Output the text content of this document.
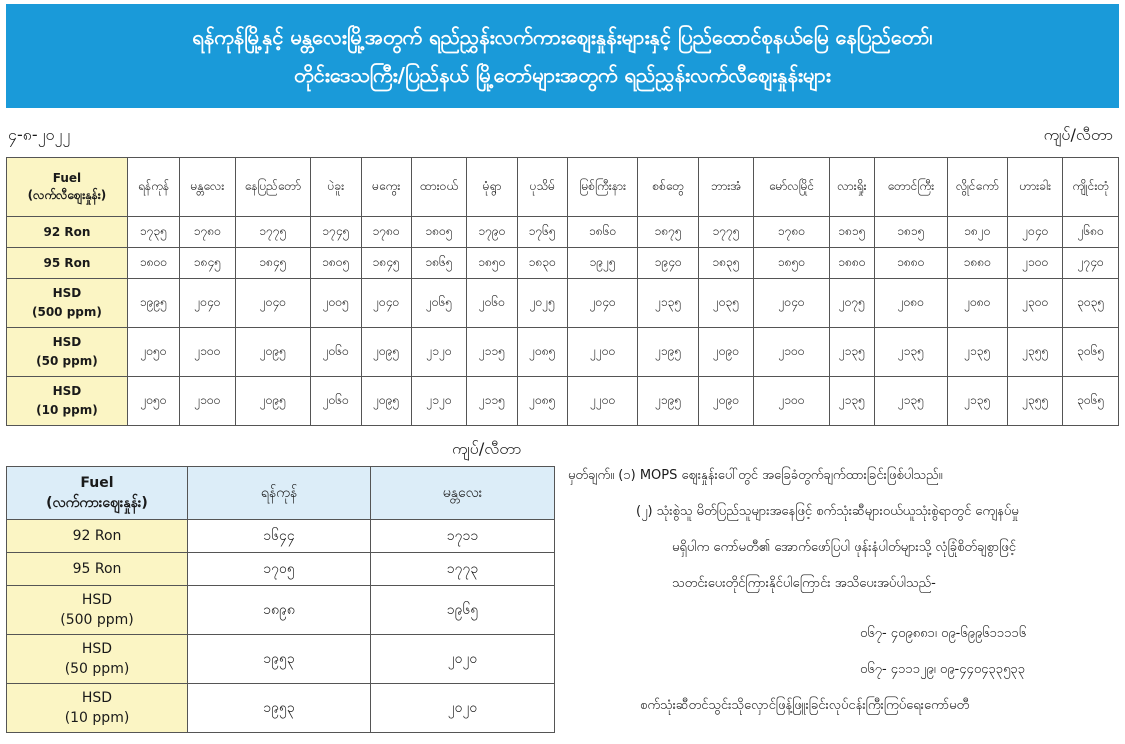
ရန်ကုန်မြို့နှင့် မန္တလေးမြို့အတွက် ရည်ညွှန်းလက်ကားဈေးနှုန်းများနှင့် ပြည်ထောင်စုနယ်မြေ နေပြည်တော်၊
တိုင်းဒေသကြီး/ပြည်နယ် မြို့တော်များအတွက် ရည်ညွှန်းလက်လီဈေးနှုန်းများ
၄-၈-၂၀၂၂	ကျပ်/လီတာ
Fuel
(လက်လီဈေးနှုန်း)	ရန်ကုန်	မန္တလေး	နေပြည်တော်	ပဲခူး	မကွေး	ထားဝယ်	မုံရွာ	ပုသိမ်	မြစ်ကြီးနား	စစ်တွေ	ဘားအံ	မော်လမြိုင်	လားရှိုး	တောင်ကြီး	လွိုင်ကော်	ဟားခါး	ကျိုင်းတုံ
92 Ron	၁၇၃၅	၁၇၈၀	၁၇၇၅	၁၇၄၅	၁၇၈၀	၁၈၀၅	၁၇၉၀	၁၇၆၅	၁၈၆၀	၁၈၇၅	၁၇၇၅	၁၇၈၀	၁၈၁၅	၁၈၁၅	၁၈၂၀	၂၀၄၀	၂၆၈၀
95 Ron	၁၈၀၀	၁၈၄၅	၁၈၄၅	၁၈၀၅	၁၈၄၅	၁၈၆၅	၁၈၅၀	၁၈၃၀	၁၉၂၅	၁၉၄၀	၁၈၃၅	၁၈၅၀	၁၈၈၀	၁၈၈၀	၁၈၈၀	၂၁၀၀	၂၇၄၀
HSD
(500 ppm)	၁၉၉၅	၂၀၄၀	၂၀၄၀	၂၀၀၅	၂၀၄၀	၂၀၆၅	၂၀၆၀	၂၀၂၅	၂၀၄၀	၂၁၃၅	၂၀၃၅	၂၀၄၀	၂၀၇၅	၂၀၈၀	၂၀၈၀	၂၃၀၀	၃၀၃၅
HSD
(50 ppm)	၂၀၅၀	၂၁၀၀	၂၀၉၅	၂၀၆၀	၂၀၉၅	၂၁၂၀	၂၁၁၅	၂၀၈၅	၂၂၀၀	၂၁၉၅	၂၀၉၀	၂၁၀၀	၂၁၃၅	၂၁၃၅	၂၁၃၅	၂၃၅၅	၃၀၆၅
HSD
(10 ppm)	၂၀၅၀	၂၁၀၀	၂၀၉၅	၂၀၆၀	၂၀၉၅	၂၁၂၀	၂၁၁၅	၂၀၈၅	၂၂၀၀	၂၁၉၅	၂၀၉၀	၂၁၀၀	၂၁၃၅	၂၁၃၅	၂၁၃၅	၂၃၅၅	၃၀၆၅
ကျပ်/လီတာ
Fuel
(လက်ကားဈေးနှုန်း)	ရန်ကုန်	မန္တလေး
92 Ron	၁၆၄၄	၁၇၁၁
95 Ron	၁၇၀၅	၁၇၇၃
HSD
(500 ppm)	၁၈၉၈	၁၉၆၅
HSD
(50 ppm)	၁၉၅၃	၂၀၂၀
HSD
(10 ppm)	၁၉၅၃	၂၀၂၀
မှတ်ချက်။ (၁) MOPS ဈေးနှုန်းပေါ်တွင် အခြေခံတွက်ချက်ထားခြင်းဖြစ်ပါသည်။
(၂) သုံးစွဲသူ မိတ်ပြည်သူများအနေဖြင့် စက်သုံးဆီများဝယ်ယူသုံးစွဲရာတွင် ကျေနပ်မှု
မရှိပါက ကော်မတီ၏ အောက်ဖော်ပြပါ ဖုန်းနံပါတ်များသို့ လုံခြုံစိတ်ချစွာဖြင့်
သတင်းပေးတိုင်ကြားနိုင်ပါကြောင်း အသိပေးအပ်ပါသည်-
၀၆၇- ၄၀၉၈၈၁၊ ၀၉-၆၉၉၆၁၁၁၁၆
၀၆၇- ၄၁၁၁၂၉၊ ၀၉-၄၄၀၄၃၃၅၃၃
စက်သုံးဆီတင်သွင်းသိုလှောင်ဖြန့်ဖြူးခြင်းလုပ်ငန်းကြီးကြပ်ရေးကော်မတီ
